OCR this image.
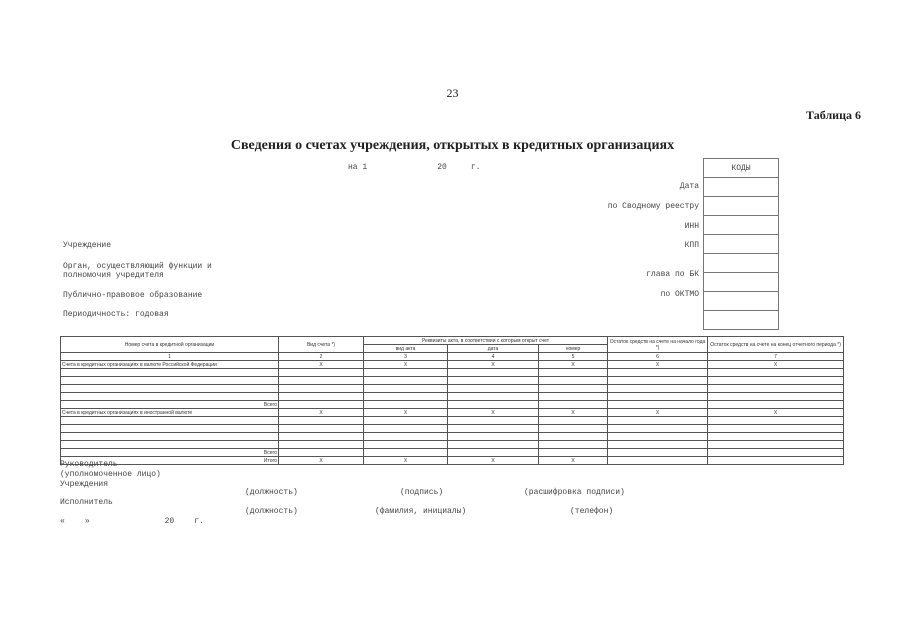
23
Таблица 6
Сведения о счетах учреждения, открытых в кредитных организациях
на 1	20	г.	КОДЫ

Дата
по Сводному реестру
ИНН
КПП
глава по БК
по ОКТМО
Учреждение
Орган, осуществляющий функции и
полномочия учредителя
Публично-правовое образование
Периодичность: годовая
Номер счета в кредитной организации	Вид счета *)	Реквизиты акта, в соответствии с которым открыт счет			Остаток средств на счете на начало года *)	Остаток средств на счете на конец отчетного периода *)
		вид акта	дата	номер		
1	2	3	4	5	6	7
Счета в кредитных организациях в валюте Российской Федерации	X	X	X	X	X	X

Всего						
Счета в кредитных организациях в иностранной валюте	X	X	X	X	X	X

Всего						
Итого	X	X	X	X		
Руководитель
(уполномоченное лицо)
Учреждения
(должность)	(подпись)	(расшифровка подписи)
Исполнитель
(должность)	(фамилия, инициалы)	(телефон)
«	»	20	г.
